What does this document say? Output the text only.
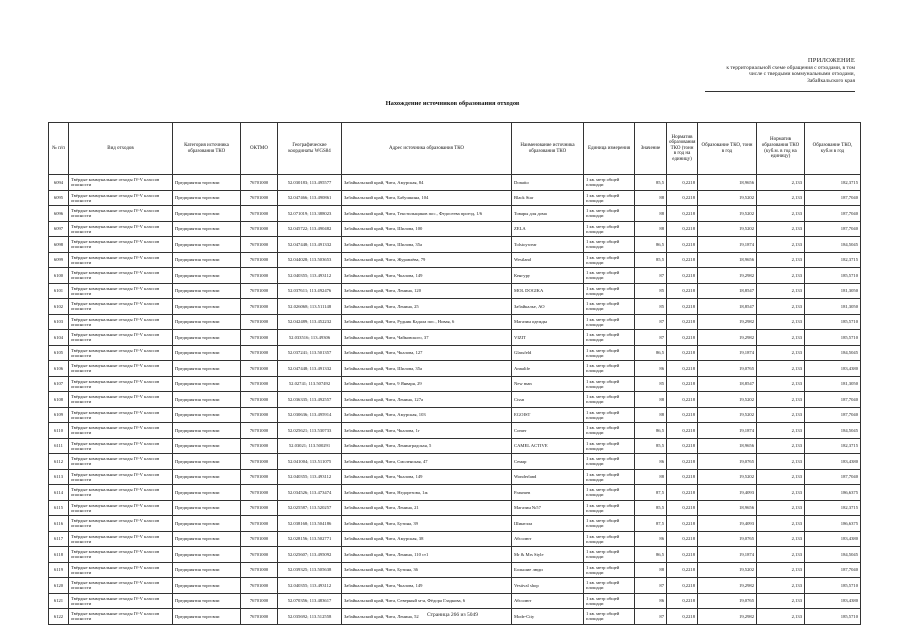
ПРИЛОЖЕНИЕ
к территориальной схеме обращения с отходами, в том
числе с твердыми коммунальными отходами,
Забайкальского края
Нахождение источников образования отходов
№ п/п	Вид отходов	Категория источника образования ТКО	ОКТМО	Географические координаты WGS84	Адрес источника образования ТКО	Наименование источника образования ТКО	Единица измерения	Значение	Норматив образования ТКО (тонн в год на единицу)	Образование ТКО, тонн в год	Норматив образования ТКО (куб.м. в год на единицу)	Образование ТКО, куб.м в год
6094	Твёрдые коммунальные отходы IV-V классов опасности	Предприятия торговли	76701000	52.030183; 113.495577	Забайкальский край, Чита, Амурская, 84	Donatto	1 кв. метр общей площади	85,5	0,2218	18,9656	2,133	182,3715
6095	Твёрдые коммунальные отходы IV-V классов опасности	Предприятия торговли	76701000	52.047466; 113.490861	Забайкальский край, Чита, Бабушкина, 104	Black Star	1 кв. метр общей площади	88	0,2218	19,5202	2,133	187,7040
6096	Твёрдые коммунальные отходы IV-V классов опасности	Предприятия торговли	76701000	52.071019; 113.388023	Забайкальский край, Чита, Текстильщиков пос., Федосеева проезд, 1/6	Товары для дома	1 кв. метр общей площади	88	0,2218	19,5202	2,133	187,7040
6097	Твёрдые коммунальные отходы IV-V классов опасности	Предприятия торговли	76701000	52.045722; 113.490482	Забайкальский край, Чита, Шилова, 100	ZELA	1 кв. метр общей площади	88	0,2218	19,5202	2,133	187,7040
6098	Твёрдые коммунальные отходы IV-V классов опасности	Предприятия торговли	76701000	52.047448; 113.491332	Забайкальский край, Чита, Шилова, 35а	Tolstoywear	1 кв. метр общей площади	86,5	0,2218	19,1874	2,133	184,5045
6099	Твёрдые коммунальные отходы IV-V классов опасности	Предприятия торговли	76701000	52.044028; 113.503653	Забайкальский край, Чита, Журавлёва, 79	Westland	1 кв. метр общей площади	85,5	0,2218	18,9656	2,133	182,3715
6100	Твёрдые коммунальные отходы IV-V классов опасности	Предприятия торговли	76701000	52.040355; 113.493112	Забайкальский край, Чита, Чкалова, 149	Кенгуру	1 кв. метр общей площади	87	0,2218	19,2982	2,133	185,5710
6101	Твёрдые коммунальные отходы IV-V классов опасности	Предприятия торговли	76701000	52.037611; 113.492476	Забайкальский край, Чита, Ленина, 120	MOL DOGIKA	1 кв. метр общей площади	85	0,2218	18,8547	2,133	181,3050
6102	Твёрдые коммунальные отходы IV-V классов опасности	Предприятия торговли	76701000	52.026068; 113.511148	Забайкальский край, Чита, Ленина, 25	Забайкалье, АО	1 кв. метр общей площади	85	0,2218	18,8547	2,133	181,3050
6103	Твёрдые коммунальные отходы IV-V классов опасности	Предприятия торговли	76701000	52.042489; 113.452232	Забайкальский край, Чита, Рудник Кадала пос., Новая, 6	Магазин одежды	1 кв. метр общей площади	87	0,2218	19,2982	2,133	185,5710
6104	Твёрдые коммунальные отходы IV-V классов опасности	Предприятия торговли	76701000	52.033516; 113.49306	Забайкальский край, Чита, Чайковского, 37	VIZIT	1 кв. метр общей площади	87	0,2218	19,2982	2,133	185,5710
6105	Твёрдые коммунальные отходы IV-V классов опасности	Предприятия торговли	76701000	52.037241; 113.501357	Забайкальский край, Чита, Чкалова, 127	Glassfeld	1 кв. метр общей площади	86,5	0,2218	19,1874	2,133	184,5045
6106	Твёрдые коммунальные отходы IV-V классов опасности	Предприятия торговли	76701000	52.047448; 113.491332	Забайкальский край, Чита, Шилова, 35а	Annalife	1 кв. метр общей площади	86	0,2218	19,0765	2,133	183,4380
6107	Твёрдые коммунальные отходы IV-V классов опасности	Предприятия торговли	76701000	52.02741; 113.507492	Забайкальский край, Чита, 9 Января, 29	New man	1 кв. метр общей площади	85	0,2218	18,8547	2,133	181,3050
6108	Твёрдые коммунальные отходы IV-V классов опасности	Предприятия торговли	76701000	52.036335; 113.492557	Забайкальский край, Чита, Ленина, 127а	Cissn	1 кв. метр общей площади	88	0,2218	19,5202	2,133	187,7040
6109	Твёрдые коммунальные отходы IV-V классов опасности	Предприятия торговли	76701000	52.030636; 113.495914	Забайкальский край, Чита, Амурская, 103	EGOIST	1 кв. метр общей площади	88	0,2218	19,5202	2,133	187,7040
6110	Твёрдые коммунальные отходы IV-V классов опасности	Предприятия торговли	76701000	52.025621; 113.530733	Забайкальский край, Чита, Чкалова, 1г	Comer	1 кв. метр общей площади	86,5	0,2218	19,1874	2,133	184,5045
6111	Твёрдые коммунальные отходы IV-V классов опасности	Предприятия торговли	76701000	52.03021; 113.500291	Забайкальский край, Чита, Ленинградская, 5	CAMEL ACTIVE	1 кв. метр общей площади	85,5	0,2218	18,9656	2,133	182,3715
6112	Твёрдые коммунальные отходы IV-V классов опасности	Предприятия торговли	76701000	52.041004; 113.511075	Забайкальский край, Чита, Смоленская, 47	Семар	1 кв. метр общей площади	86	0,2218	19,0765	2,133	183,4380
6113	Твёрдые коммунальные отходы IV-V классов опасности	Предприятия торговли	76701000	52.040355; 113.493112	Забайкальский край, Чита, Чкалова, 149	Wonderland	1 кв. метр общей площади	88	0,2218	19,5202	2,133	187,7040
6114	Твёрдые коммунальные отходы IV-V классов опасности	Предприятия торговли	76701000	52.034526; 113.473474	Забайкальский край, Чита, Недорезова, 1ж	Fraumen	1 кв. метр общей площади	87,5	0,2218	19,4093	2,133	186,6375
6115	Твёрдые коммунальные отходы IV-V классов опасности	Предприятия торговли	76701000	52.025587; 113.520257	Забайкальский край, Чита, Ленина, 21	Магазин №57	1 кв. метр общей площади	85,5	0,2218	18,9656	2,133	182,3715
6116	Твёрдые коммунальные отходы IV-V классов опасности	Предприятия торговли	76701000	52.038168; 113.504186	Забайкальский край, Чита, Бутина, 39	Шинелла	1 кв. метр общей площади	87,5	0,2218	19,4093	2,133	186,6375
6117	Твёрдые коммунальные отходы IV-V классов опасности	Предприятия торговли	76701000	52.028156; 113.502771	Забайкальский край, Чита, Амурская, 38	Абсолют	1 кв. метр общей площади	86	0,2218	19,0765	2,133	183,4380
6118	Твёрдые коммунальные отходы IV-V классов опасности	Предприятия торговли	76701000	52.025607; 113.495092	Забайкальский край, Чита, Ленина, 110 ст1	Mr & Mrs Style	1 кв. метр общей площади	86,5	0,2218	19,1874	2,133	184,5045
6119	Твёрдые коммунальные отходы IV-V классов опасности	Предприятия торговли	76701000	52.039325; 113.505638	Забайкальский край, Чита, Бутина, 36	Большие люди	1 кв. метр общей площади	88	0,2218	19,5202	2,133	187,7040
6120	Твёрдые коммунальные отходы IV-V классов опасности	Предприятия торговли	76701000	52.040355; 113.493112	Забайкальский край, Чита, Чкалова, 149	Vestival shop	1 кв. метр общей площади	87	0,2218	19,2982	2,133	185,5710
6121	Твёрдые коммунальные отходы IV-V классов опасности	Предприятия торговли	76701000	52.070356; 113.483617	Забайкальский край, Чита, Северный м-н, Фёдора Гладкова, 6	Абсолют	1 кв. метр общей площади	86	0,2218	19,0765	2,133	183,4380
6122	Твёрдые коммунальные отходы IV-V классов опасности	Предприятия торговли	76701000	52.035692; 113.512558	Забайкальский край, Чита, Ленина, 52	Mode-City	1 кв. метр общей площади	87	0,2218	19,2982	2,133	185,5710
Страница 266 из 5049
